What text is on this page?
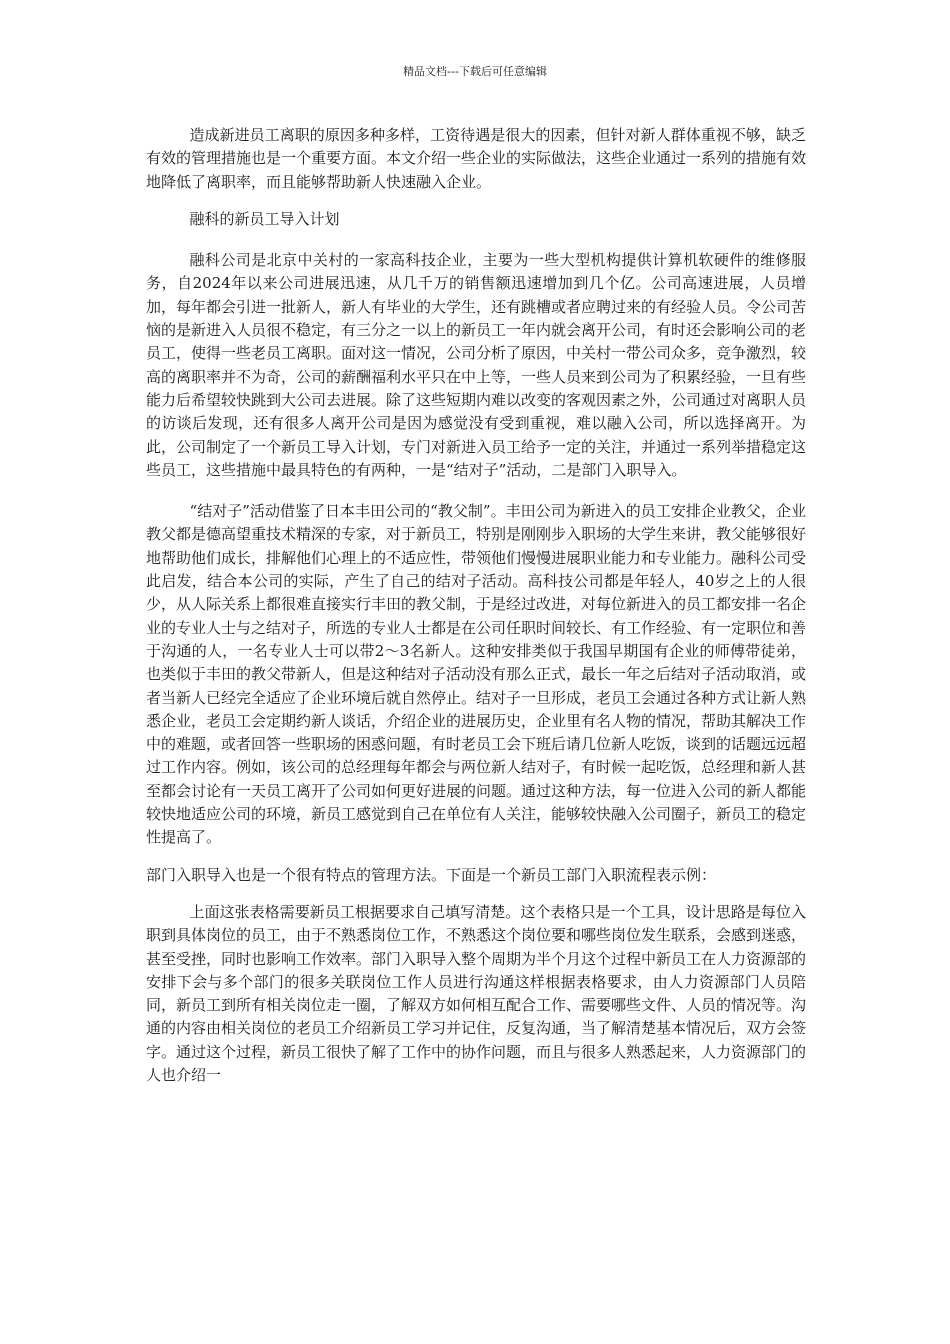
精品文档---下载后可任意编辑

造成新进员工离职的原因多种多样，工资待遇是很大的因素，但针对新人群体重视不够，缺乏有效的管理措施也是一个重要方面。本文介绍一些企业的实际做法，这些企业通过一系列的措施有效地降低了离职率，而且能够帮助新人快速融入企业。

融科的新员工导入计划

融科公司是北京中关村的一家高科技企业，主要为一些大型机构提供计算机软硬件的维修服务，自2024年以来公司进展迅速，从几千万的销售额迅速增加到几个亿。公司高速进展，人员增加，每年都会引进一批新人，新人有毕业的大学生，还有跳槽或者应聘过来的有经验人员。令公司苦恼的是新进入人员很不稳定，有三分之一以上的新员工一年内就会离开公司，有时还会影响公司的老员工，使得一些老员工离职。面对这一情况，公司分析了原因，中关村一带公司众多，竞争激烈，较高的离职率并不为奇，公司的薪酬福利水平只在中上等，一些人员来到公司为了积累经验，一旦有些能力后希望较快跳到大公司去进展。除了这些短期内难以改变的客观因素之外，公司通过对离职人员的访谈后发现，还有很多人离开公司是因为感觉没有受到重视，难以融入公司，所以选择离开。为此，公司制定了一个新员工导入计划，专门对新进入员工给予一定的关注，并通过一系列举措稳定这些员工，这些措施中最具特色的有两种，一是“结对子”活动，二是部门入职导入。

“结对子”活动借鉴了日本丰田公司的“教父制”。丰田公司为新进入的员工安排企业教父，企业教父都是德高望重技术精深的专家，对于新员工，特别是刚刚步入职场的大学生来讲，教父能够很好地帮助他们成长，排解他们心理上的不适应性，带领他们慢慢进展职业能力和专业能力。融科公司受此启发，结合本公司的实际，产生了自己的结对子活动。高科技公司都是年轻人，40岁之上的人很少，从人际关系上都很难直接实行丰田的教父制，于是经过改进，对每位新进入的员工都安排一名企业的专业人士与之结对子，所选的专业人士都是在公司任职时间较长、有工作经验、有一定职位和善于沟通的人，一名专业人士可以带2～3名新人。这种安排类似于我国早期国有企业的师傅带徒弟，也类似于丰田的教父带新人，但是这种结对子活动没有那么正式，最长一年之后结对子活动取消，或者当新人已经完全适应了企业环境后就自然停止。结对子一旦形成，老员工会通过各种方式让新人熟悉企业，老员工会定期约新人谈话，介绍企业的进展历史，企业里有名人物的情况，帮助其解决工作中的难题，或者回答一些职场的困惑问题，有时老员工会下班后请几位新人吃饭，谈到的话题远远超过工作内容。例如，该公司的总经理每年都会与两位新人结对子，有时候一起吃饭，总经理和新人甚至都会讨论有一天员工离开了公司如何更好进展的问题。通过这种方法，每一位进入公司的新人都能较快地适应公司的环境，新员工感觉到自己在单位有人关注，能够较快融入公司圈子，新员工的稳定性提高了。

部门入职导入也是一个很有特点的管理方法。下面是一个新员工部门入职流程表示例：

上面这张表格需要新员工根据要求自己填写清楚。这个表格只是一个工具，设计思路是每位入职到具体岗位的员工，由于不熟悉岗位工作，不熟悉这个岗位要和哪些岗位发生联系，会感到迷惑，甚至受挫，同时也影响工作效率。部门入职导入整个周期为半个月这个过程中新员工在人力资源部的安排下会与多个部门的很多关联岗位工作人员进行沟通这样根据表格要求，由人力资源部门人员陪同，新员工到所有相关岗位走一圈，了解双方如何相互配合工作、需要哪些文件、人员的情况等。沟通的内容由相关岗位的老员工介绍新员工学习并记住，反复沟通，当了解清楚基本情况后，双方会签字。通过这个过程，新员工很快了解了工作中的协作问题，而且与很多人熟悉起来，人力资源部门的人也介绍一
